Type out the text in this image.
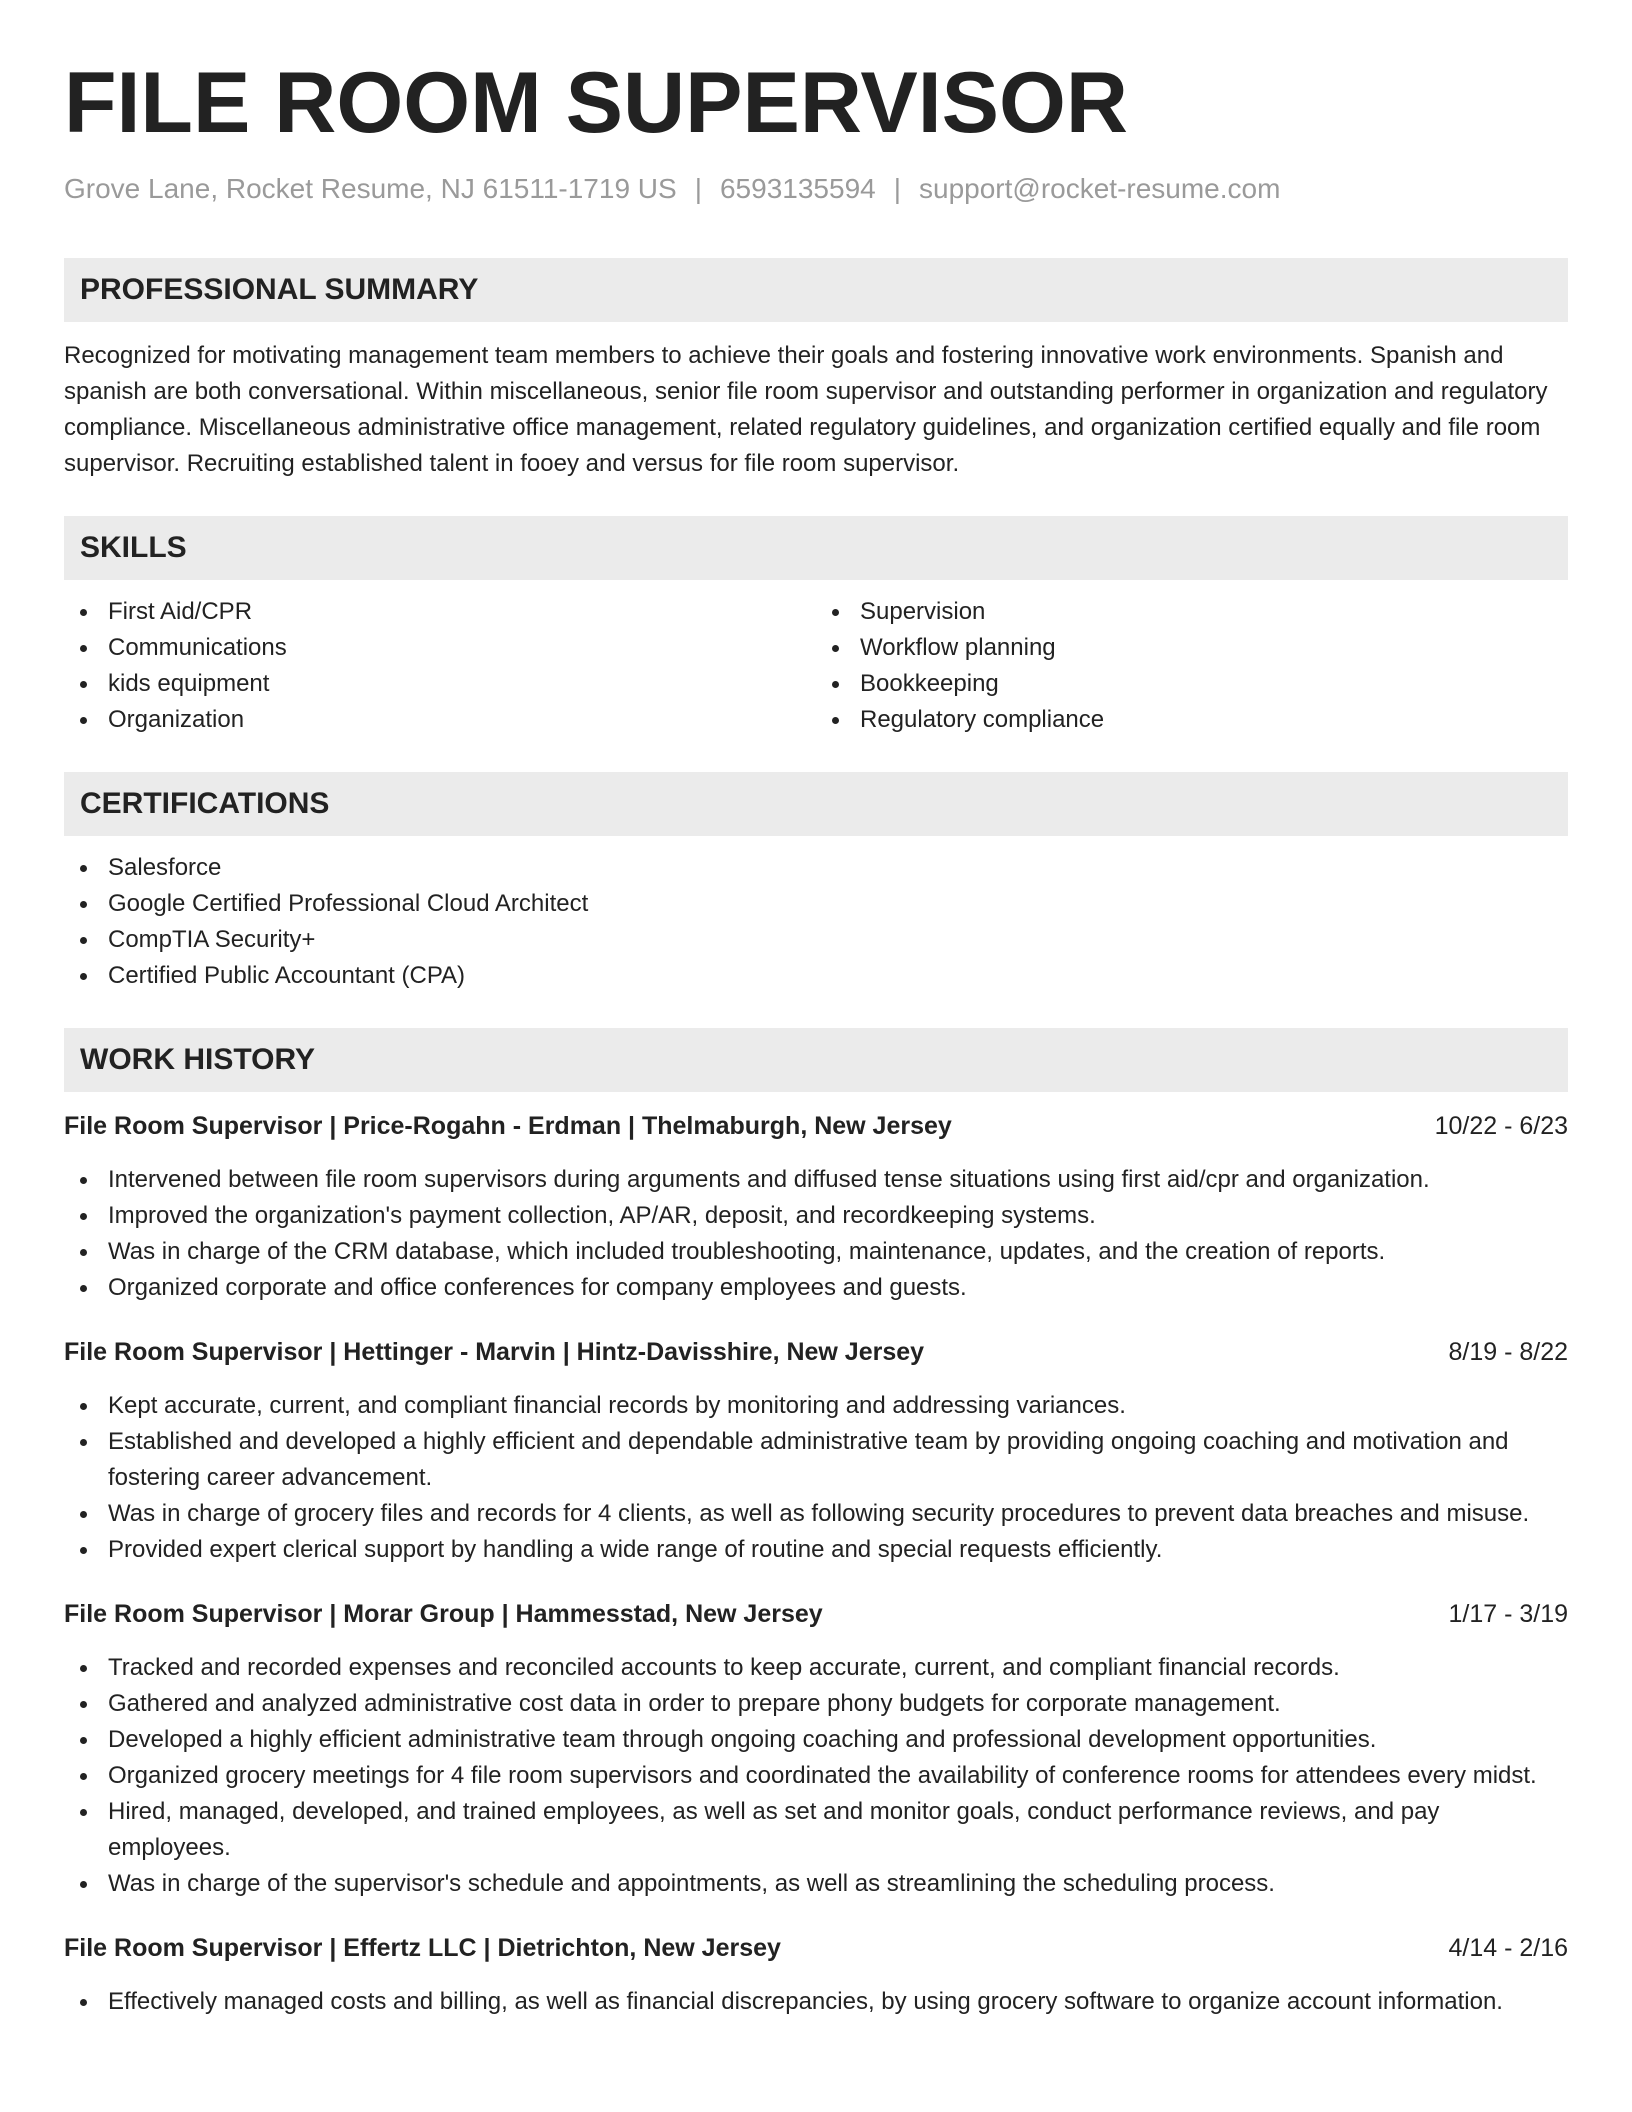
FILE ROOM SUPERVISOR
Grove Lane, Rocket Resume, NJ 61511-1719 US | 6593135594 | support@rocket-resume.com
PROFESSIONAL SUMMARY
Recognized for motivating management team members to achieve their goals and fostering innovative work environments. Spanish and spanish are both conversational. Within miscellaneous, senior file room supervisor and outstanding performer in organization and regulatory compliance. Miscellaneous administrative office management, related regulatory guidelines, and organization certified equally and file room supervisor. Recruiting established talent in fooey and versus for file room supervisor.
SKILLS
First Aid/CPR
Communications
kids equipment
Organization
Supervision
Workflow planning
Bookkeeping
Regulatory compliance
CERTIFICATIONS
Salesforce
Google Certified Professional Cloud Architect
CompTIA Security+
Certified Public Accountant (CPA)
WORK HISTORY
File Room Supervisor | Price-Rogahn - Erdman | Thelmaburgh, New Jersey	10/22 - 6/23
Intervened between file room supervisors during arguments and diffused tense situations using first aid/cpr and organization.
Improved the organization's payment collection, AP/AR, deposit, and recordkeeping systems.
Was in charge of the CRM database, which included troubleshooting, maintenance, updates, and the creation of reports.
Organized corporate and office conferences for company employees and guests.
File Room Supervisor | Hettinger - Marvin | Hintz-Davisshire, New Jersey	8/19 - 8/22
Kept accurate, current, and compliant financial records by monitoring and addressing variances.
Established and developed a highly efficient and dependable administrative team by providing ongoing coaching and motivation and fostering career advancement.
Was in charge of grocery files and records for 4 clients, as well as following security procedures to prevent data breaches and misuse.
Provided expert clerical support by handling a wide range of routine and special requests efficiently.
File Room Supervisor | Morar Group | Hammesstad, New Jersey	1/17 - 3/19
Tracked and recorded expenses and reconciled accounts to keep accurate, current, and compliant financial records.
Gathered and analyzed administrative cost data in order to prepare phony budgets for corporate management.
Developed a highly efficient administrative team through ongoing coaching and professional development opportunities.
Organized grocery meetings for 4 file room supervisors and coordinated the availability of conference rooms for attendees every midst.
Hired, managed, developed, and trained employees, as well as set and monitor goals, conduct performance reviews, and pay employees.
Was in charge of the supervisor's schedule and appointments, as well as streamlining the scheduling process.
File Room Supervisor | Effertz LLC | Dietrichton, New Jersey	4/14 - 2/16
Effectively managed costs and billing, as well as financial discrepancies, by using grocery software to organize account information.
